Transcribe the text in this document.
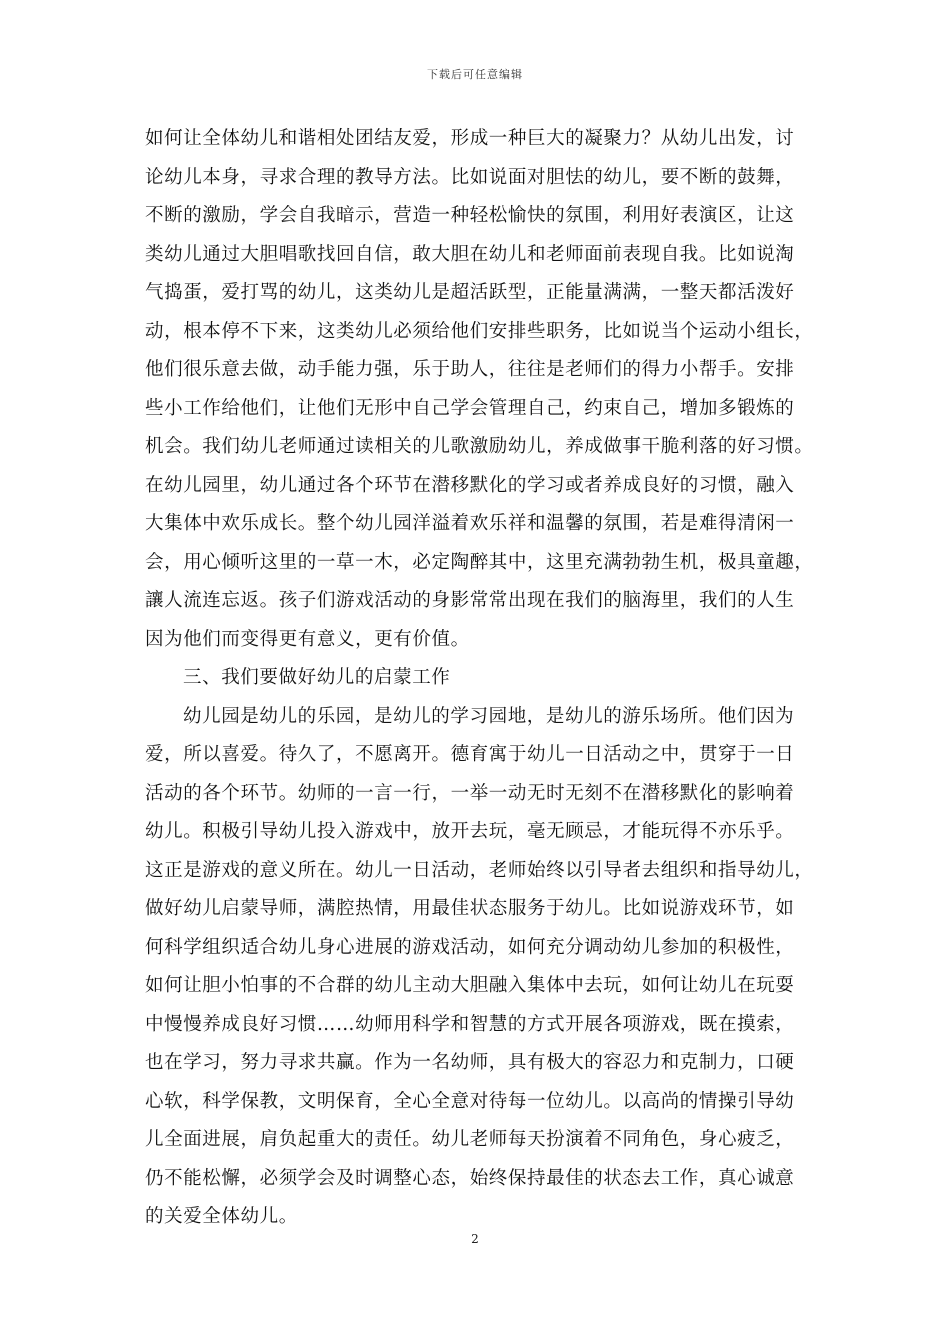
下载后可任意编辑
如何让全体幼儿和谐相处团结友爱，形成一种巨大的凝聚力？从幼儿出发，讨
论幼儿本身，寻求合理的教导方法。比如说面对胆怯的幼儿，要不断的鼓舞，
不断的激励，学会自我暗示，营造一种轻松愉快的氛围，利用好表演区，让这
类幼儿通过大胆唱歌找回自信，敢大胆在幼儿和老师面前表现自我。比如说淘
气捣蛋，爱打骂的幼儿，这类幼儿是超活跃型，正能量满满，一整天都活泼好
动，根本停不下来，这类幼儿必须给他们安排些职务，比如说当个运动小组长，
他们很乐意去做，动手能力强，乐于助人，往往是老师们的得力小帮手。安排
些小工作给他们，让他们无形中自己学会管理自己，约束自己，增加多锻炼的
机会。我们幼儿老师通过读相关的儿歌激励幼儿，养成做事干脆利落的好习惯。
在幼儿园里，幼儿通过各个环节在潜移默化的学习或者养成良好的习惯，融入
大集体中欢乐成长。整个幼儿园洋溢着欢乐祥和温馨的氛围，若是难得清闲一
会，用心倾听这里的一草一木，必定陶醉其中，这里充满勃勃生机，极具童趣，
讓人流连忘返。孩子们游戏活动的身影常常出现在我们的脑海里，我们的人生
因为他们而变得更有意义，更有价值。
三、我们要做好幼儿的启蒙工作
幼儿园是幼儿的乐园，是幼儿的学习园地，是幼儿的游乐场所。他们因为
爱，所以喜爱。待久了，不愿离开。德育寓于幼儿一日活动之中，贯穿于一日
活动的各个环节。幼师的一言一行，一举一动无时无刻不在潜移默化的影响着
幼儿。积极引导幼儿投入游戏中，放开去玩，毫无顾忌，才能玩得不亦乐乎。
这正是游戏的意义所在。幼儿一日活动，老师始终以引导者去组织和指导幼儿，
做好幼儿启蒙导师，满腔热情，用最佳状态服务于幼儿。比如说游戏环节，如
何科学组织适合幼儿身心进展的游戏活动，如何充分调动幼儿参加的积极性，
如何让胆小怕事的不合群的幼儿主动大胆融入集体中去玩，如何让幼儿在玩耍
中慢慢养成良好习惯……幼师用科学和智慧的方式开展各项游戏，既在摸索，
也在学习，努力寻求共赢。作为一名幼师，具有极大的容忍力和克制力，口硬
心软，科学保教，文明保育，全心全意对待每一位幼儿。以高尚的情操引导幼
儿全面进展，肩负起重大的责任。幼儿老师每天扮演着不同角色，身心疲乏，
仍不能松懈，必须学会及时调整心态，始终保持最佳的状态去工作，真心诚意
的关爱全体幼儿。
2
